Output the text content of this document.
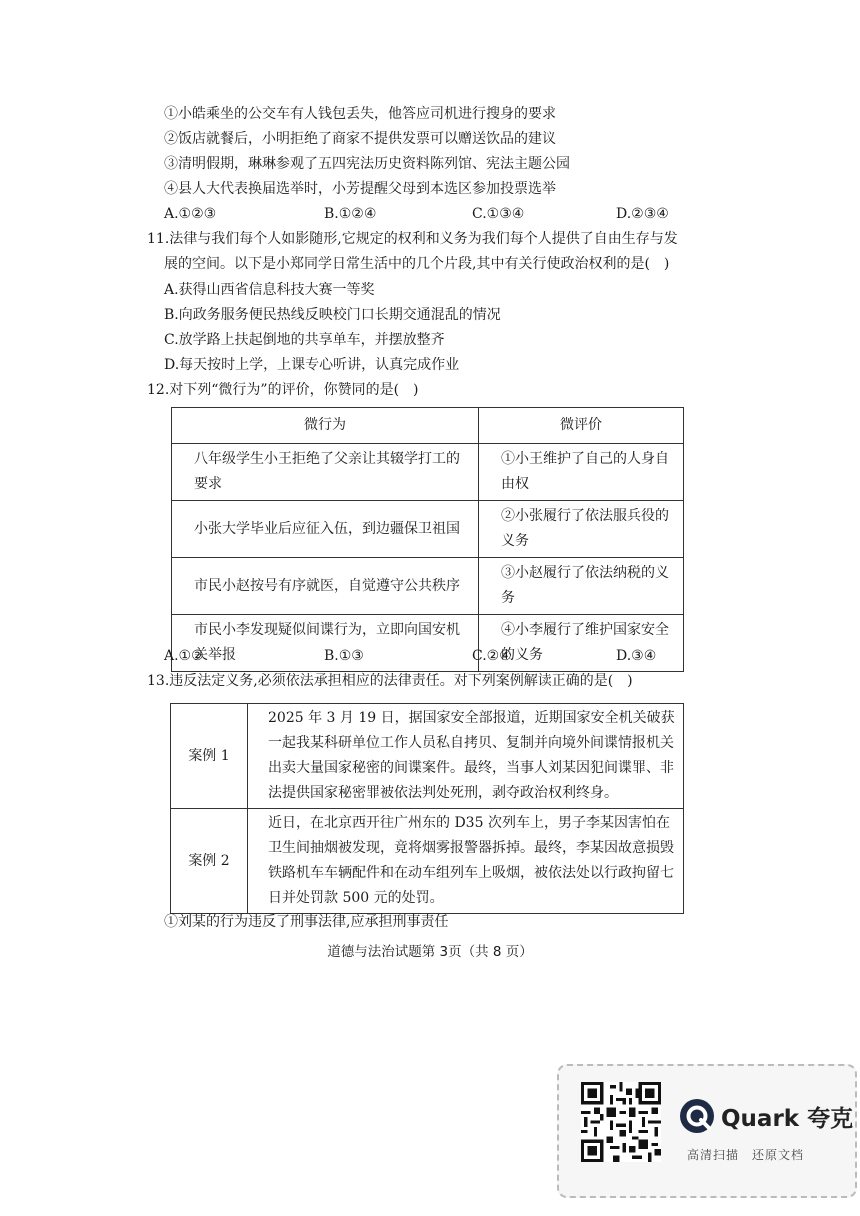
①小皓乘坐的公交车有人钱包丢失，他答应司机进行搜身的要求
②饭店就餐后，小明拒绝了商家不提供发票可以赠送饮品的建议
③清明假期，琳琳参观了五四宪法历史资料陈列馆、宪法主题公园
④县人大代表换届选举时，小芳提醒父母到本选区参加投票选举
A.①②③	B.①②④	C.①③④	D.②③④
11.法律与我们每个人如影随形,它规定的权利和义务为我们每个人提供了自由生存与发
展的空间。以下是小郑同学日常生活中的几个片段,其中有关行使政治权利的是(　)
A.获得山西省信息科技大赛一等奖
B.向政务服务便民热线反映校门口长期交通混乱的情况
C.放学路上扶起倒地的共享单车，并摆放整齐
D.每天按时上学，上课专心听讲，认真完成作业
12.对下列“微行为”的评价，你赞同的是(　)
微行为	微评价
八年级学生小王拒绝了父亲让其辍学打工的要求	①小王维护了自己的人身自由权
小张大学毕业后应征入伍，到边疆保卫祖国	②小张履行了依法服兵役的义务
市民小赵按号有序就医，自觉遵守公共秩序	③小赵履行了依法纳税的义务
市民小李发现疑似间谍行为，立即向国安机关举报	④小李履行了维护国家安全的义务
A.①②	B.①③	C.②④	D.③④
13.违反法定义务,必须依法承担相应的法律责任。对下列案例解读正确的是(　)
案例 1	2025 年 3 月 19 日，据国家安全部报道，近期国家安全机关破获一起我某科研单位工作人员私自拷贝、复制并向境外间谍情报机关出卖大量国家秘密的间谍案件。最终，当事人刘某因犯间谍罪、非法提供国家秘密罪被依法判处死刑，剥夺政治权利终身。
案例 2	近日，在北京西开往广州东的 D35 次列车上，男子李某因害怕在卫生间抽烟被发现，竟将烟雾报警器拆掉。最终，李某因故意损毁铁路机车车辆配件和在动车组列车上吸烟，被依法处以行政拘留七日并处罚款 500 元的处罚。
①刘某的行为违反了刑事法律,应承担刑事责任
道德与法治试题第 3页（共 8 页）
Quark 夸克
高清扫描　还原文档
